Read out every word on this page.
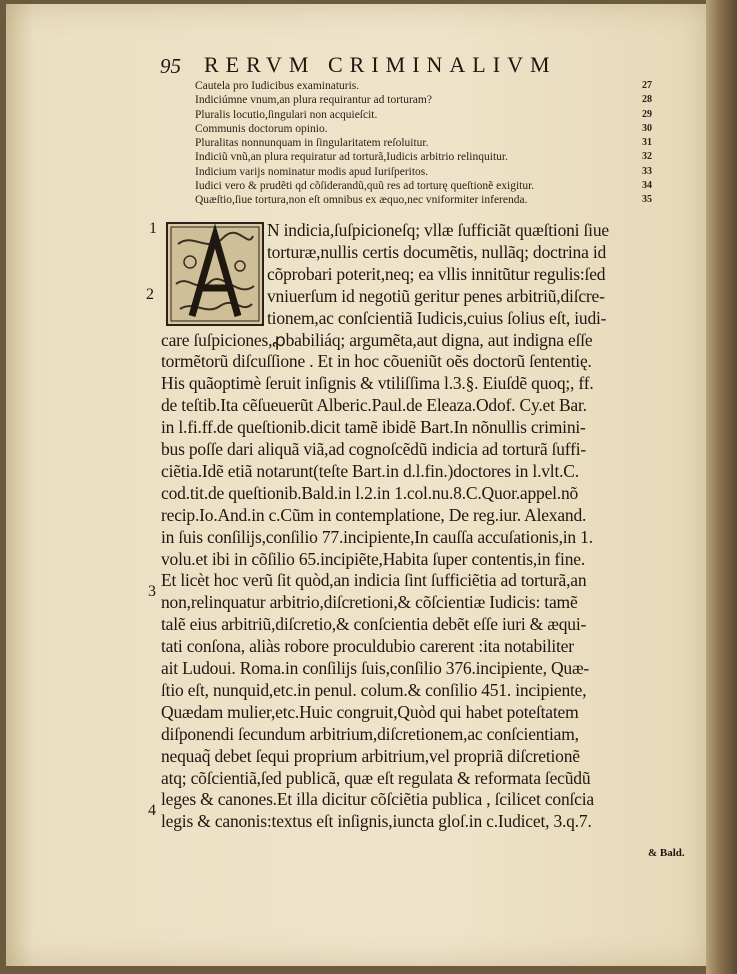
95 RERVM CRIMINALIVM
Cautela pro Iudicibus examinaturis.	27
Indiciúmne vnum,an plura requirantur ad torturam?	28
Pluralis locutio,ſingulari non acquieſcit.	29
Communis doctorum opinio.	30
Pluralitas nonnunquam in ſingularitatem reſoluitur.	31
Indiciũ vnũ,an plura requiratur ad torturã,Iudicis arbitrio relinquitur.	32
Indicium varijs nominatur modis apud Iuriſperitos.	33
Iudici vero & prudẽti qd cõſiderandũ,quũ res ad torturę queſtionẽ exigitur.	34
Quæſtio,ſiue tortura,non eſt omnibus ex æquo,nec vniformiter inferenda.	35
1
2
3
4
N indicia,ſuſpicioneſq; vllæ ſufficiãt quæſtioni ſiue
torturæ,nullis certis documẽtis, nullãq; doctrina id
cõprobari poterit,neq; ea vllis innitũtur regulis:ſed
vniuerſum id negotiũ geritur penes arbitriũ,diſcre-
tionem,ac conſcientiã Iudicis,cuius ſolius eſt, iudi-
care ſuſpiciones,ꝓbabiliáq; argumẽta,aut digna, aut indigna eſſe
tormẽtorũ diſcuſſione . Et in hoc cõueniũt oẽs doctorũ ſententię.
His quãoptimè ſeruit inſignis & vtiliſſima l.3.§. Eiuſdẽ quoq;, ff.
de teſtib.Ita cẽſueuerũt Alberic.Paul.de Eleaza.Odof. Cy.et Bar.
in l.fi.ff.de queſtionib.dicit tamẽ ibidẽ Bart.In nõnullis crimini-
bus poſſe dari aliquã viã,ad cognoſcẽdũ indicia ad torturã ſuffi-
ciẽtia.Idẽ etiã notarunt(teſte Bart.in d.l.fin.)doctores in l.vlt.C.
cod.tit.de queſtionib.Bald.in l.2.in 1.col.nu.8.C.Quor.appel.nõ
recip.Io.And.in c.Cũm in contemplatione, De reg.iur. Alexand.
in ſuis conſilijs,conſilio 77.incipiente,In cauſſa accuſationis,in 1.
volu.et ibi in cõſilio 65.incipiẽte,Habita ſuper contentis,in fine.
Et licèt hoc verũ ſit quòd,an indicia ſint ſufficiẽtia ad torturã,an
non,relinquatur arbitrio,diſcretioni,& cõſcientiæ Iudicis: tamẽ
talẽ eius arbitriũ,diſcretio,& conſcientia debẽt eſſe iuri & æqui-
tati conſona, aliàs robore proculdubio carerent :ita notabiliter
ait Ludoui. Roma.in conſilijs ſuis,conſilio 376.incipiente, Quæ-
ſtio eſt, nunquid,etc.in penul. colum.& conſilio 451. incipiente,
Quædam mulier,etc.Huic congruit,Quòd qui habet poteſtatem
diſponendi ſecundum arbitrium,diſcretionem,ac conſcientiam,
nequaq̃ debet ſequi proprium arbitrium,vel propriã diſcretionẽ
atq; cõſcientiã,ſed publicã, quæ eſt regulata & reformata ſecũdũ
leges & canones.Et illa dicitur cõſciẽtia publica , ſcilicet conſcia
legis & canonis:textus eſt inſignis,iuncta gloſ.in c.Iudicet, 3.q.7.
& Bald.
